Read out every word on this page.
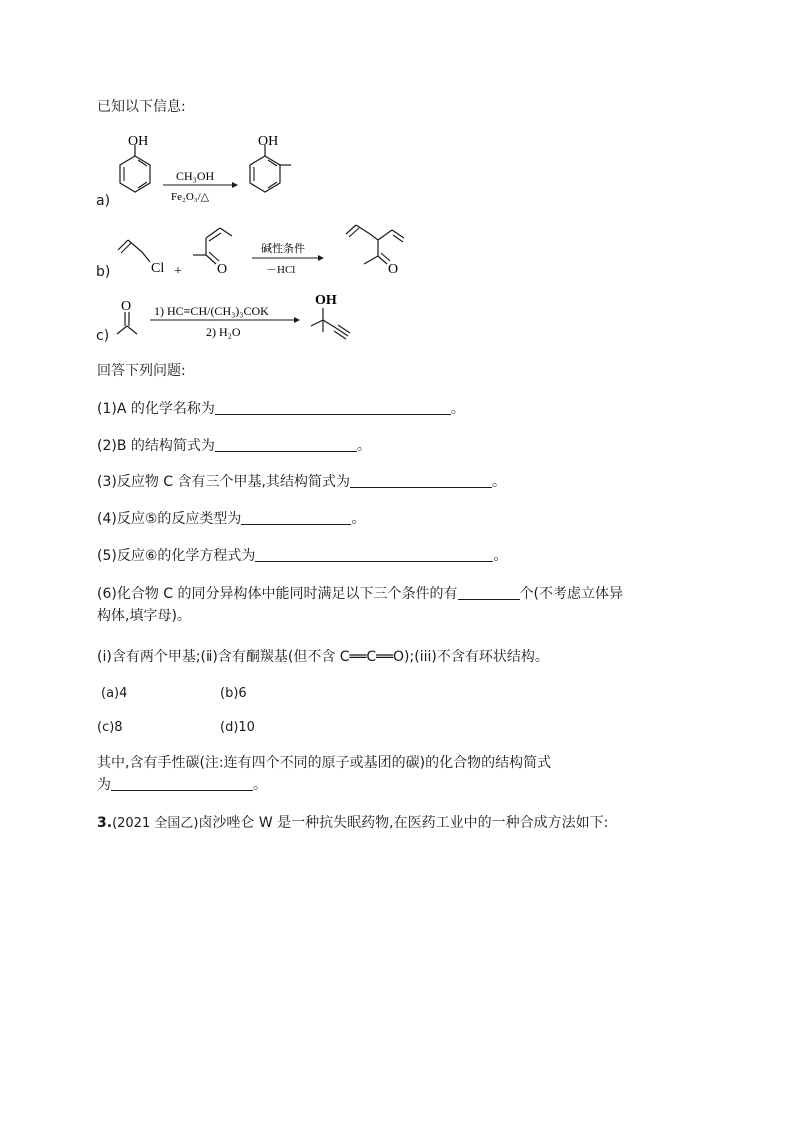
已知以下信息:
a)
OH
CH₃OH
Fe₂O₃/△
OH
b)	Cl +	O
碱性条件
－HCl	O
c)
O 1) HC≡CH/(CH₃)₃COK
2) H₂O
OH
回答下列问题:
(1)A 的化学名称为	。
(2)B 的结构简式为	。
(3)反应物 C 含有三个甲基,其结构简式为	。
(4)反应⑤的反应类型为	。
(5)反应⑥的化学方程式为	。
(6)化合物 C 的同分异构体中能同时满足以下三个条件的有	个(不考虑立体异
构体,填字母)。
(ⅰ)含有两个甲基;(ⅱ)含有酮羰基(但不含 C══C══O);(iii)不含有环状结构。
(a)4	(b)6
(c)8	(d)10
其中,含有手性碳(注:连有四个不同的原子或基团的碳)的化合物的结构简式
为	。
3.(2021 全国乙)卤沙唑仑 W 是一种抗失眠药物,在医药工业中的一种合成方法如下:
